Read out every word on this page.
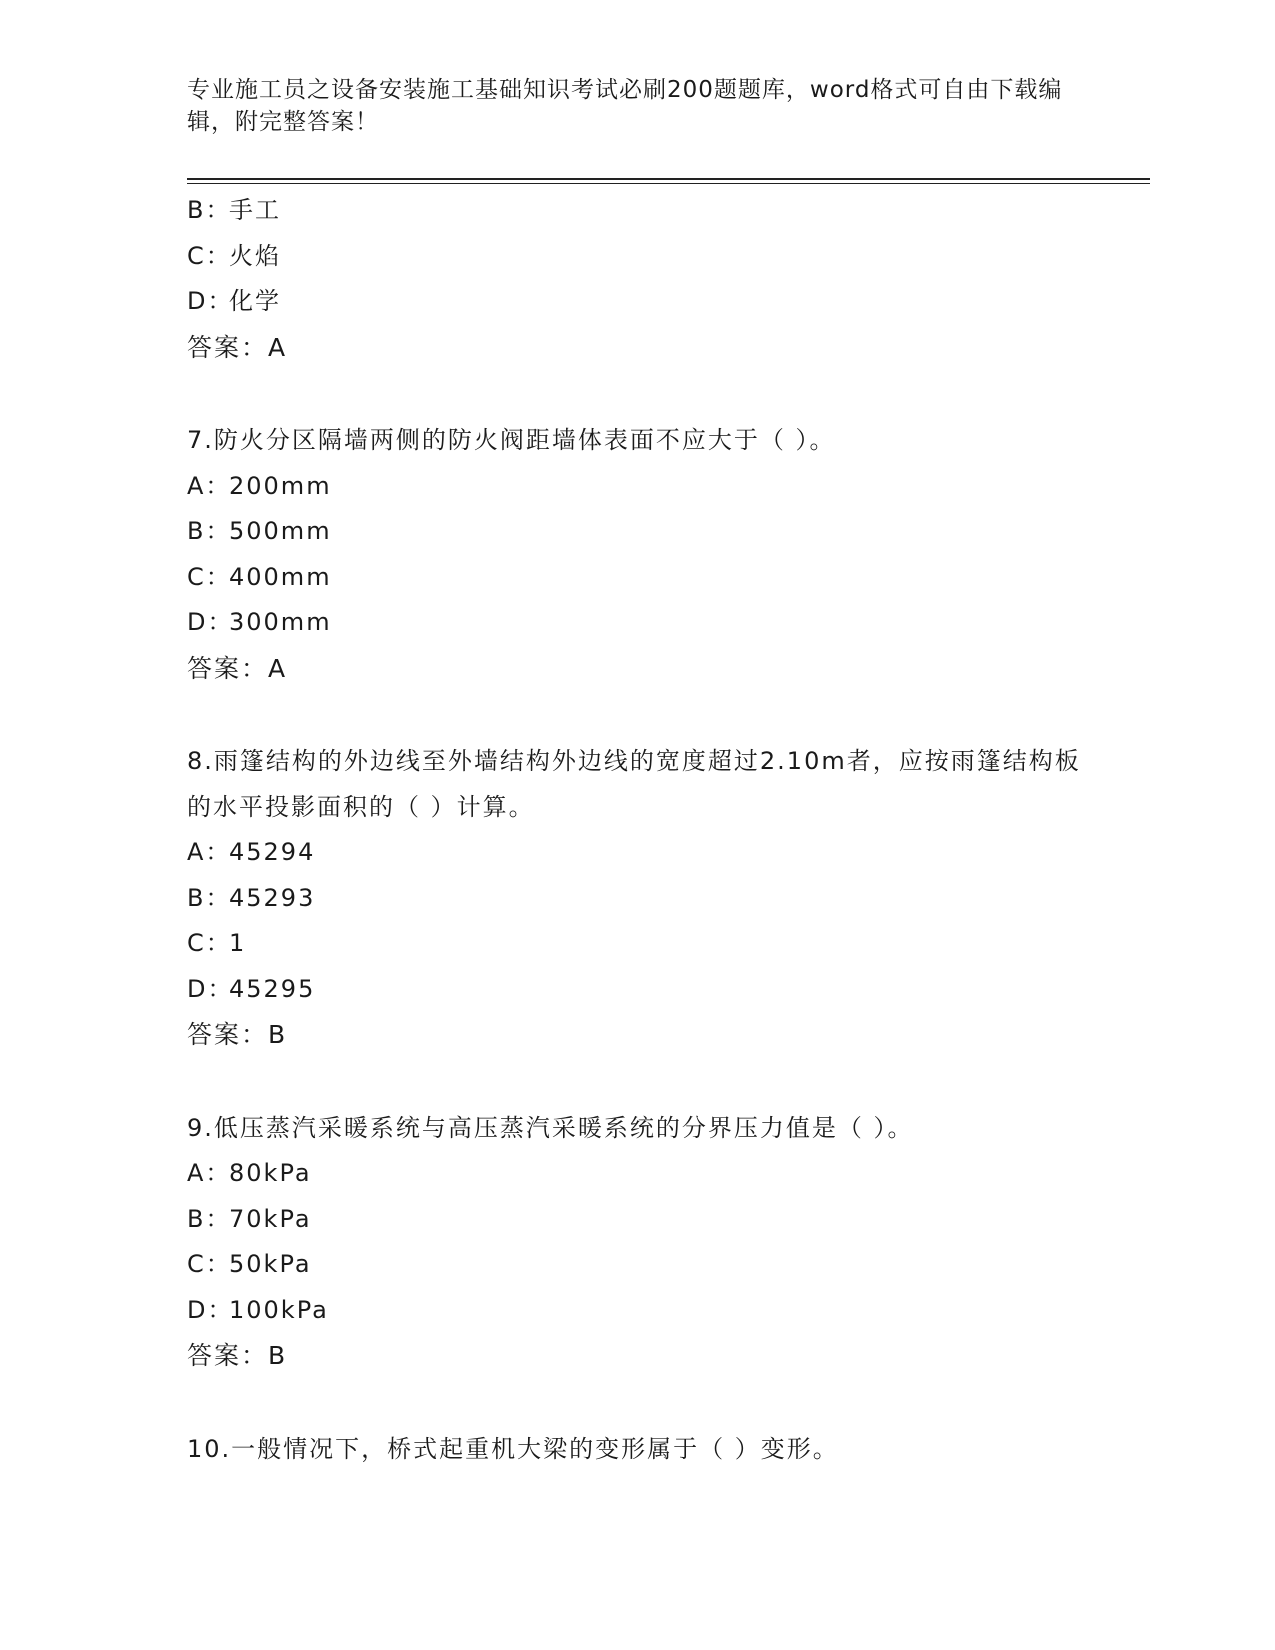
专业施工员之设备安装施工基础知识考试必刷200题题库，word格式可自由下载编辑，附完整答案！
B：手工
C：火焰
D：化学
答案：A
7.防火分区隔墙两侧的防火阀距墙体表面不应大于（ ）。
A：200mm
B：500mm
C：400mm
D：300mm
答案：A
8.雨篷结构的外边线至外墙结构外边线的宽度超过2.10m者，应按雨篷结构板的水平投影面积的（ ）计算。
A：45294
B：45293
C：1
D：45295
答案：B
9.低压蒸汽采暖系统与高压蒸汽采暖系统的分界压力值是（ ）。
A：80kPa
B：70kPa
C：50kPa
D：100kPa
答案：B
10.一般情况下，桥式起重机大梁的变形属于（ ）变形。
